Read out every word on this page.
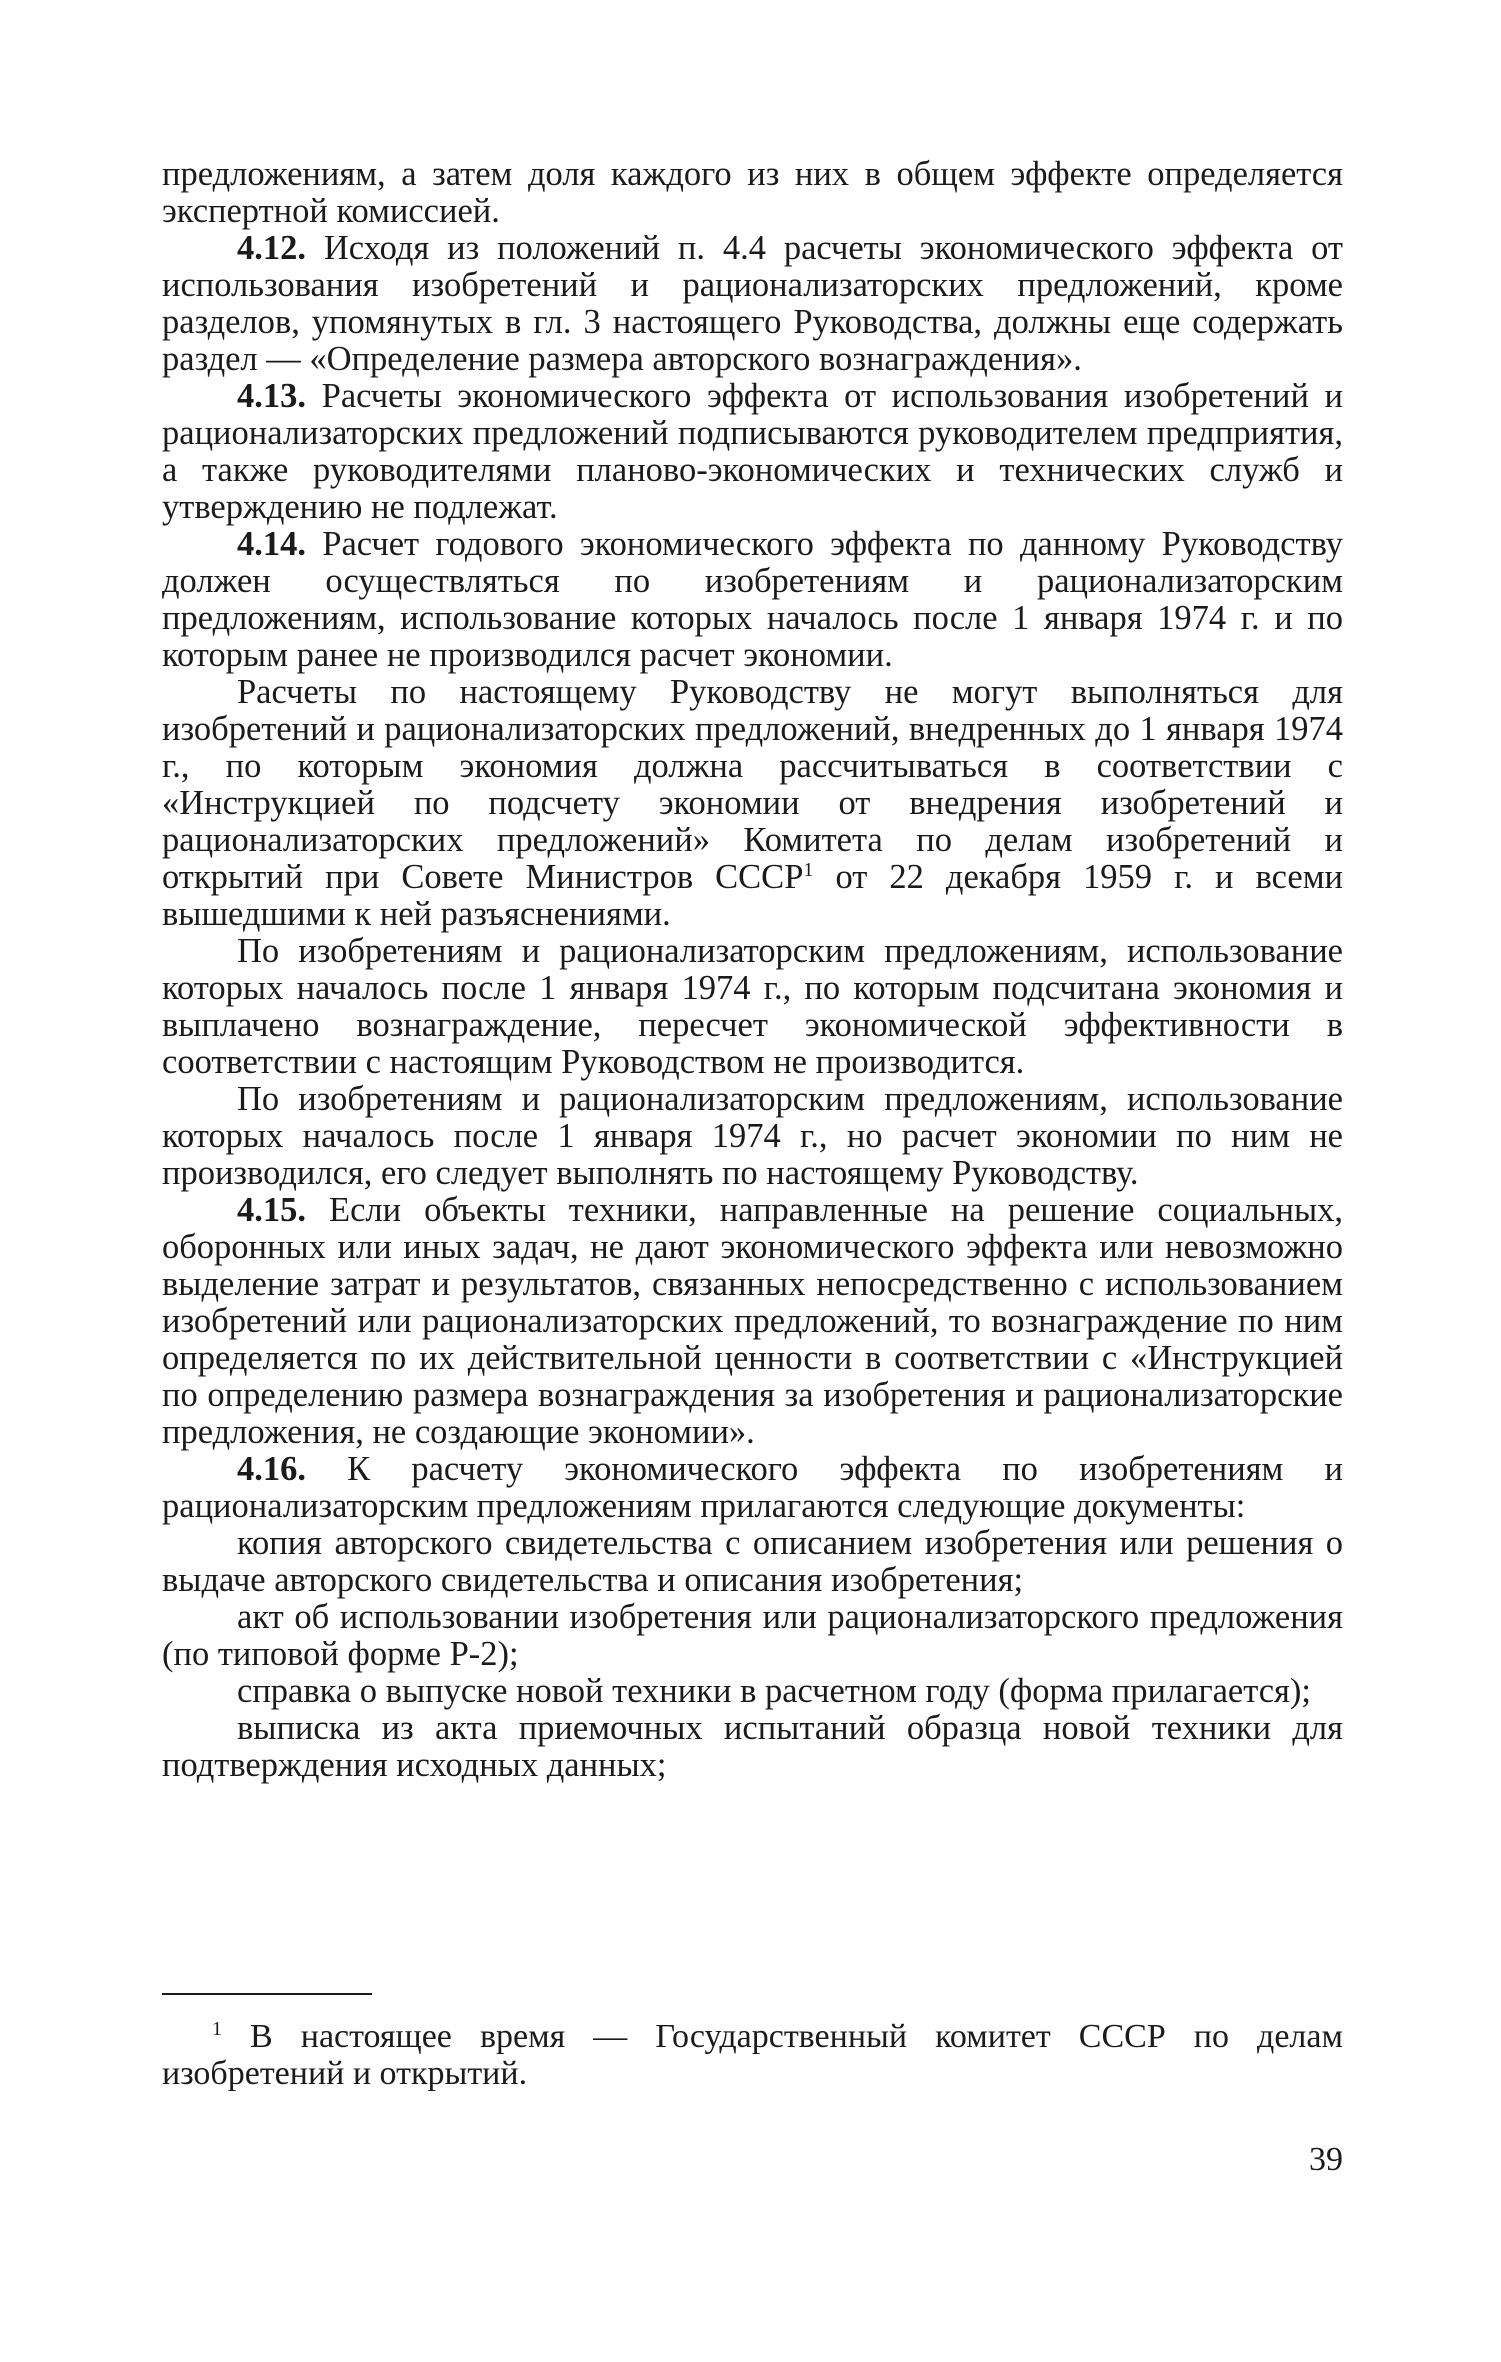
предложениям, а затем доля каждого из них в общем эффекте определяется экспертной комиссией.

4.12. Исходя из положений п. 4.4 расчеты экономического эффекта от использования изобретений и рационализаторских предложений, кроме разделов, упомянутых в гл. 3 настоящего Руководства, должны еще содержать раздел — «Определение размера авторского вознаграждения».

4.13. Расчеты экономического эффекта от использования изобретений и рационализаторских предложений подписываются руководителем предприятия, а также руководителями планово-экономических и технических служб и утверждению не подлежат.

4.14. Расчет годового экономического эффекта по данному Руководству должен осуществляться по изобретениям и рационализаторским предложениям, использование которых началось после 1 января 1974 г. и по которым ранее не производился расчет экономии.

Расчеты по настоящему Руководству не могут выполняться для изобретений и рационализаторских предложений, внедренных до 1 января 1974 г., по которым экономия должна рассчитываться в соответствии с «Инструкцией по подсчету экономии от внедрения изобретений и рационализаторских предложений» Комитета по делам изобретений и открытий при Совете Министров СССР$^1$ от 22 декабря 1959 г. и всеми вышедшими к ней разъяснениями.

По изобретениям и рационализаторским предложениям, использование которых началось после 1 января 1974 г., по которым подсчитана экономия и выплачено вознаграждение, пересчет экономической эффективности в соответствии с настоящим Руководством не производится.

По изобретениям и рационализаторским предложениям, использование которых началось после 1 января 1974 г., но расчет экономии по ним не производился, его следует выполнять по настоящему Руководству.

4.15. Если объекты техники, направленные на решение социальных, оборонных или иных задач, не дают экономического эффекта или невозможно выделение затрат и результатов, связанных непосредственно с использованием изобретений или рационализаторских предложений, то вознаграждение по ним определяется по их действительной ценности в соответствии с «Инструкцией по определению размера вознаграждения за изобретения и рационализаторские предложения, не создающие экономии».

4.16. К расчету экономического эффекта по изобретениям и рационализаторским предложениям прилагаются следующие документы:

копия авторского свидетельства с описанием изобретения или решения о выдаче авторского свидетельства и описания изобретения;

акт об использовании изобретения или рационализаторского предложения (по типовой форме Р-2);

справка о выпуске новой техники в расчетном году (форма прилагается);

выписка из акта приемочных испытаний образца новой техники для подтверждения исходных данных;

$^1$ В настоящее время — Государственный комитет СССР по делам изобретений и открытий.

39
